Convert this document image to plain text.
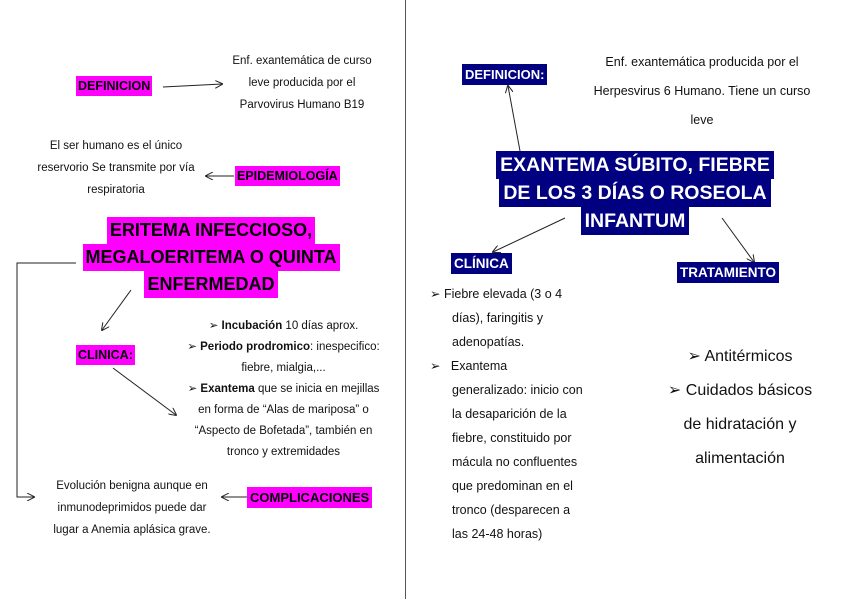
DEFINICION
Enf. exantemática de curso
leve producida por el
Parvovirus Humano B19
EPIDEMIOLOGÍA
El ser humano es el único
reservorio Se transmite por vía
respiratoria
ERITEMA INFECCIOSO,
MEGALOERITEMA O QUINTA
ENFERMEDAD
CLINICA:
➢ Incubación 10 días aprox.
➢ Periodo prodromico: inespecifico:
fiebre, mialgia,...
➢ Exantema que se inicia en mejillas
en forma de “Alas de mariposa” o
“Aspecto de Bofetada”, también en
tronco y extremidades
COMPLICACIONES
Evolución benigna aunque en
inmunodeprimidos puede dar
lugar a Anemia aplásica grave.
DEFINICION:
Enf. exantemática producida por el
Herpesvirus 6 Humano. Tiene un curso
leve
EXANTEMA SÚBITO, FIEBRE
DE LOS 3 DÍAS O ROSEOLA
INFANTUM
CLÍNICA
➢ Fiebre elevada (3 o 4
días), faringitis y
adenopatías.
➢   Exantema
generalizado: inicio con
la desaparición de la
fiebre, constituido por
mácula no confluentes
que predominan en el
tronco (desparecen a
las 24-48 horas)
TRATAMIENTO
➢ Antitérmicos
➢ Cuidados básicos
de hidratación y
alimentación
